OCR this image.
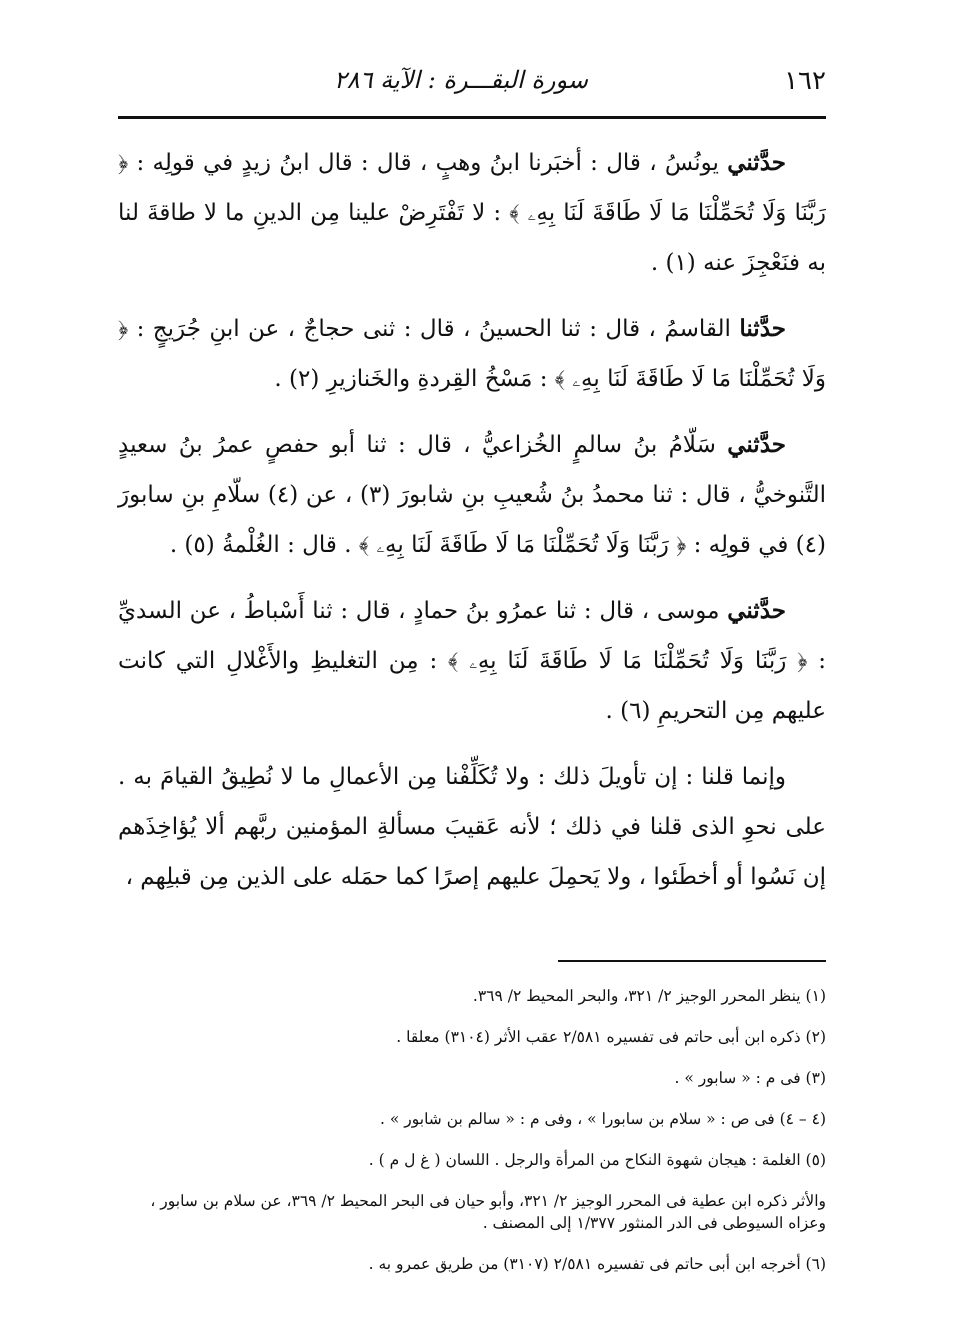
١٦٢
سورة البقـــرة : الآية ٢٨٦

حدَّثني يونُسُ ، قال : أخبَرنا ابنُ وهبٍ ، قال : قال ابنُ زيدٍ في قولِه : ﴿ رَبَّنَا وَلَا تُحَمِّلْنَا مَا لَا طَاقَةَ لَنَا بِهِۦ ﴾ : لا تَفْتَرِضْ علينا مِن الدينِ ما لا طاقةَ لنا به فنَعْجِزَ عنه (١) .

حدَّثنا القاسمُ ، قال : ثنا الحسينُ ، قال : ثنى حجاجٌ ، عن ابنِ جُرَيجٍ : ﴿ وَلَا تُحَمِّلْنَا مَا لَا طَاقَةَ لَنَا بِهِۦ ﴾ : مَسْخُ القِردةِ والخَنازيرِ (٢) .

حدَّثني سَلّامُ بنُ سالمٍ الخُزاعيُّ ، قال : ثنا أبو حفصٍ عمرُ بنُ سعيدٍ التَّنوخيُّ ، قال : ثنا محمدُ بنُ شُعيبِ بنِ شابورَ (٣) ، عن (٤) سلّامِ بنِ سابورَ (٤) في قولِه : ﴿ رَبَّنَا وَلَا تُحَمِّلْنَا مَا لَا طَاقَةَ لَنَا بِهِۦ ﴾ . قال : الغُلْمةُ (٥) .

حدَّثني موسى ، قال : ثنا عمرُو بنُ حمادٍ ، قال : ثنا أَسْباطُ ، عن السديِّ : ﴿ رَبَّنَا وَلَا تُحَمِّلْنَا مَا لَا طَاقَةَ لَنَا بِهِۦ ﴾ : مِن التغليظِ والأَغْلالِ التي كانت عليهم مِن التحريمِ (٦) .

وإنما قلنا : إن تأويلَ ذلك : ولا تُكَلِّفْنا مِن الأعمالِ ما لا نُطِيقُ القيامَ به . على نحوِ الذى قلنا في ذلك ؛ لأنه عَقيبَ مسألةِ المؤمنين ربَّهم ألا يُؤاخِذَهم إن نَسُوا أو أخطَئوا ، ولا يَحمِلَ عليهم إصرًا كما حمَله على الذين مِن قبلِهم ،

(١) ينظر المحرر الوجيز ٢/ ٣٢١، والبحر المحيط ٢/ ٣٦٩.

(٢) ذكره ابن أبى حاتم فى تفسيره ٢/٥٨١ عقب الأثر (٣١٠٤) معلقا .

(٣) فى م : « سابور » .

(٤ – ٤) فى ص : « سلام بن سابورا » ، وفى م : « سالم بن شابور » .

(٥) الغلمة : هيجان شهوة النكاح من المرأة والرجل . اللسان ( غ ل م ) .

والأثر ذكره ابن عطية فى المحرر الوجيز ٢/ ٣٢١، وأبو حيان فى البحر المحيط ٢/ ٣٦٩، عن سلام بن سابور ، وعزاه السيوطى فى الدر المنثور ١/٣٧٧ إلى المصنف .

(٦) أخرجه ابن أبى حاتم فى تفسيره ٢/٥٨١ (٣١٠٧) من طريق عمرو به .
